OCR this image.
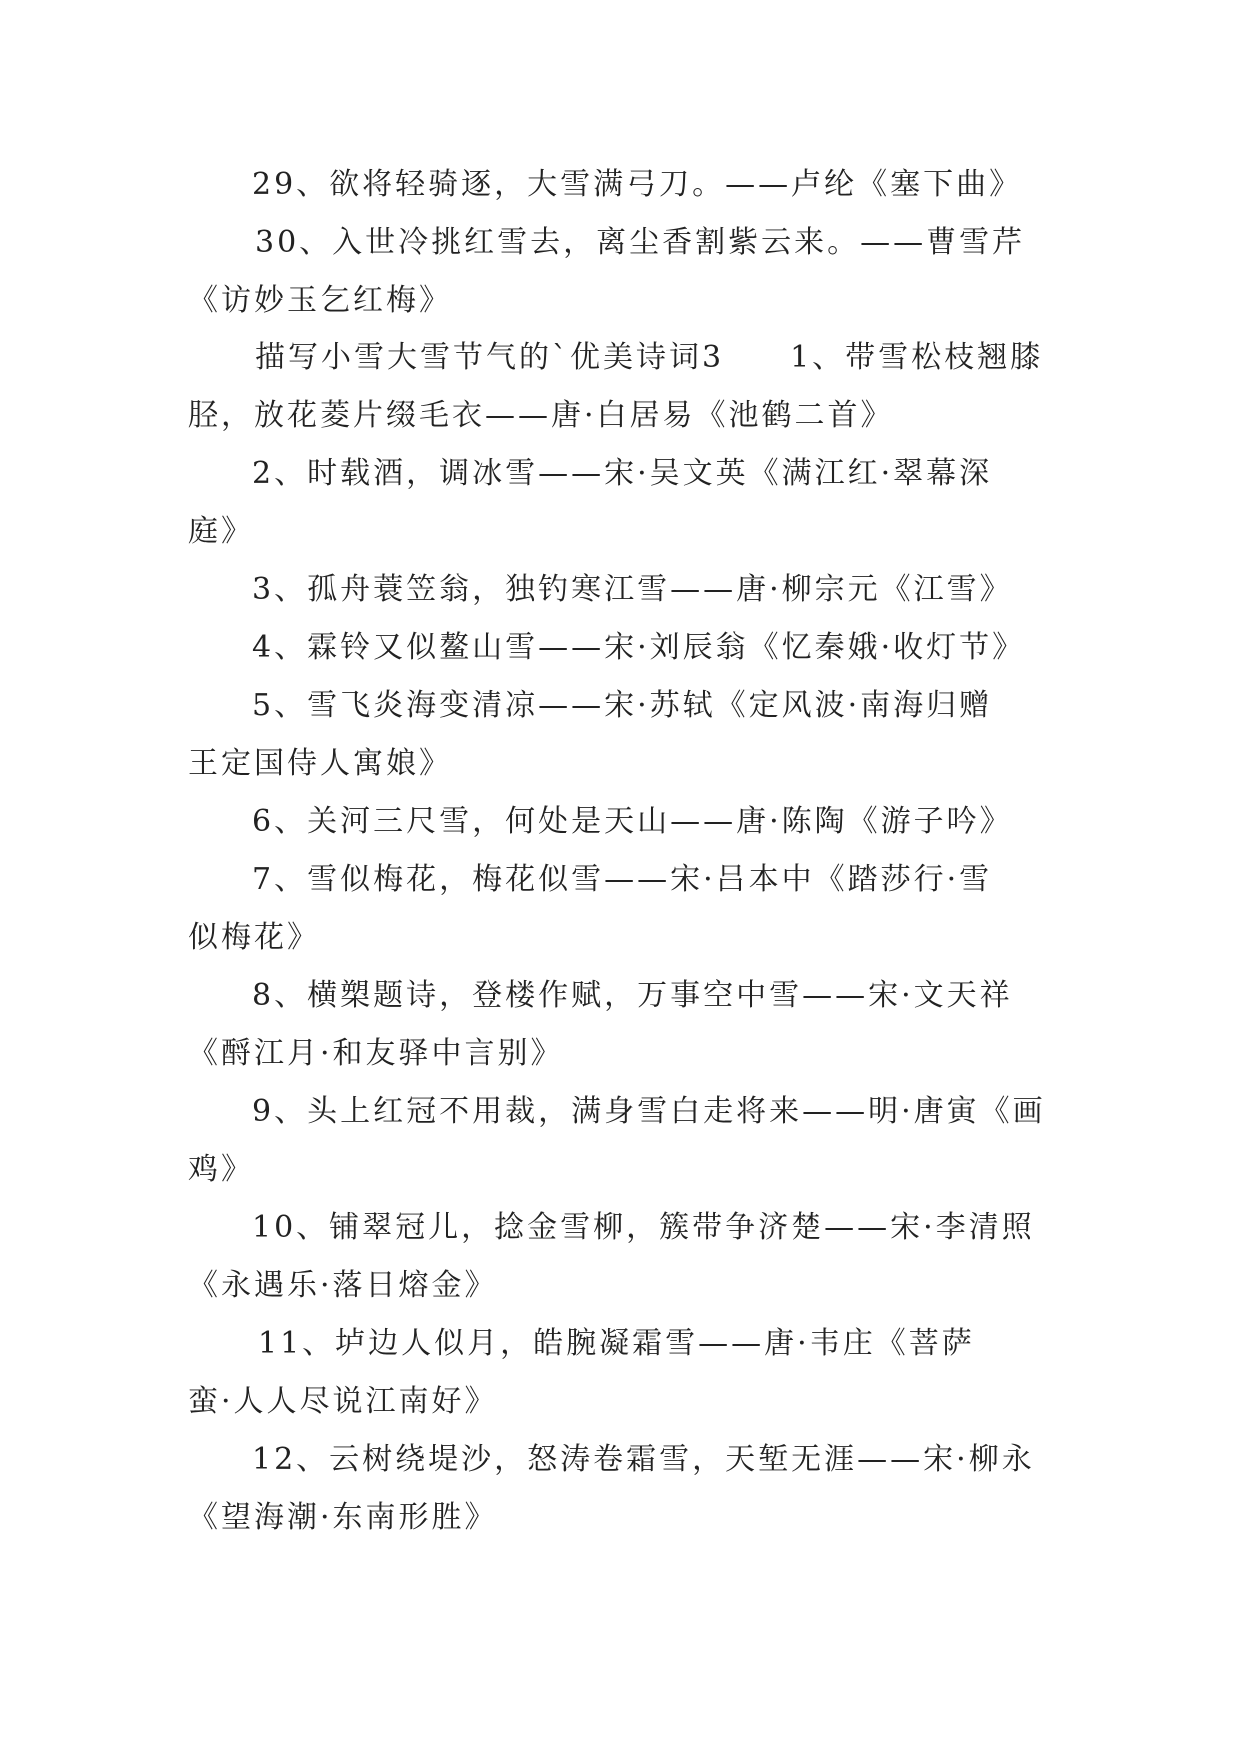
29、欲将轻骑逐，大雪满弓刀。——卢纶《塞下曲》
30、入世冷挑红雪去，离尘香割紫云来。——曹雪芹
《访妙玉乞红梅》
描写小雪大雪节气的`优美诗词3　　1、带雪松枝翘膝
胫，放花菱片缀毛衣——唐·白居易《池鹤二首》
2、时载酒，调冰雪——宋·吴文英《满江红·翠幕深
庭》
3、孤舟蓑笠翁，独钓寒江雪——唐·柳宗元《江雪》
4、霖铃又似鳌山雪——宋·刘辰翁《忆秦娥·收灯节》
5、雪飞炎海变清凉——宋·苏轼《定风波·南海归赠
王定国侍人寓娘》
6、关河三尺雪，何处是天山——唐·陈陶《游子吟》
7、雪似梅花，梅花似雪——宋·吕本中《踏莎行·雪
似梅花》
8、横槊题诗，登楼作赋，万事空中雪——宋·文天祥
《酹江月·和友驿中言别》
9、头上红冠不用裁，满身雪白走将来——明·唐寅《画
鸡》
10、铺翠冠儿，捻金雪柳，簇带争济楚——宋·李清照
《永遇乐·落日熔金》
11、垆边人似月，皓腕凝霜雪——唐·韦庄《菩萨
蛮·人人尽说江南好》
12、云树绕堤沙，怒涛卷霜雪，天堑无涯——宋·柳永
《望海潮·东南形胜》
